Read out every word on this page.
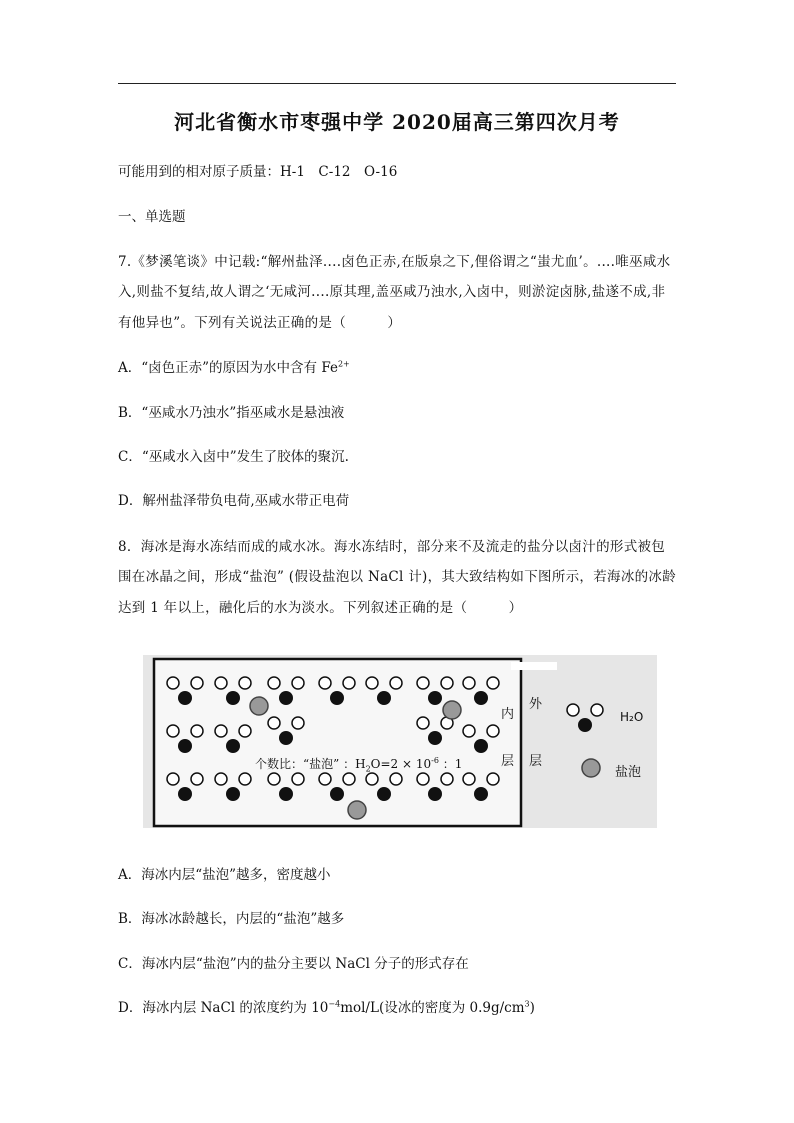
河北省衡水市枣强中学 2020届高三第四次月考
可能用到的相对原子质量：H-1　C-12　O-16
一、单选题
7.《梦溪笔谈》中记载:“解州盐泽....卤色正赤,在版泉之下,俚俗谓之“蚩尤血’。....唯巫咸水
入,则盐不复结,故人谓之‘无咸河....原其理,盖巫咸乃浊水,入卤中，则淤淀卤脉,盐遂不成,非
有他异也”。下列有关说法正确的是（　　　）
A．“卤色正赤”的原因为水中含有 $Fe^{2+}$
B．“巫咸水乃浊水”指巫咸水是悬浊液
C．“巫咸水入卤中”发生了胶体的聚沉.
D．解州盐泽带负电荷,巫咸水带正电荷
8．海冰是海水冻结而成的咸水冰。海水冻结时，部分来不及流走的盐分以卤汁的形式被包
围在冰晶之间，形成“盐泡” (假设盐泡以 NaCl 计)，其大致结构如下图所示，若海冰的冰龄
达到 1 年以上，融化后的水为淡水。下列叙述正确的是（　　　）
个数比：“盐泡” ：$H_2O=2 \times 10^{-6}$ ：1
内
层
外
层
H₂O
盐泡
A．海冰内层“盐泡”越多，密度越小
B．海冰冰龄越长，内层的“盐泡”越多
C．海冰内层“盐泡”内的盐分主要以 NaCl 分子的形式存在
D．海冰内层 NaCl 的浓度约为 $10^{-4}mol/L$(设冰的密度为 $0.9g/cm^3$)
